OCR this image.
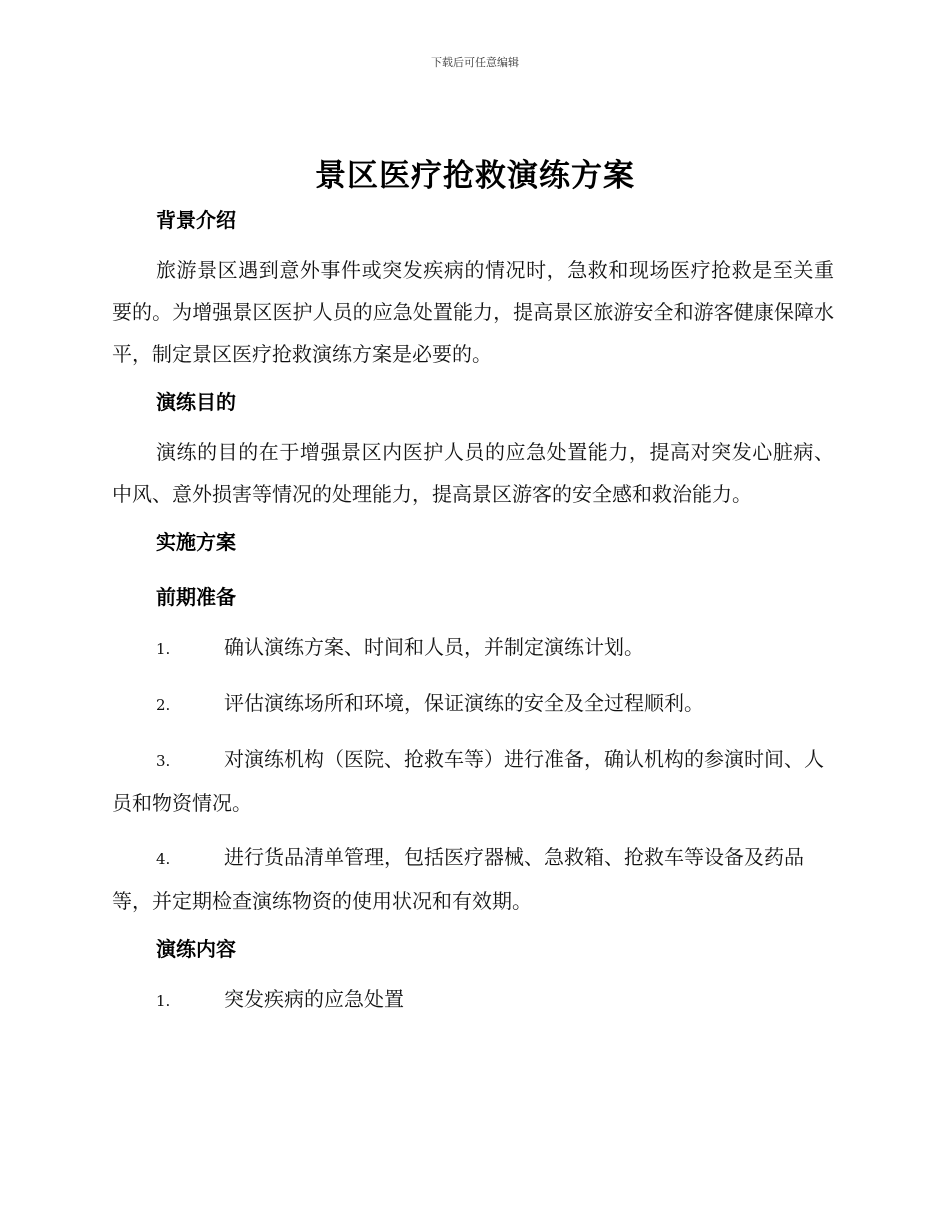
下载后可任意编辑
景区医疗抢救演练方案
背景介绍
旅游景区遇到意外事件或突发疾病的情况时，急救和现场医疗抢救是至关重要的。为增强景区医护人员的应急处置能力，提高景区旅游安全和游客健康保障水平，制定景区医疗抢救演练方案是必要的。
演练目的
演练的目的在于增强景区内医护人员的应急处置能力，提高对突发心脏病、中风、意外损害等情况的处理能力，提高景区游客的安全感和救治能力。
实施方案
前期准备
1.	确认演练方案、时间和人员，并制定演练计划。
2.	评估演练场所和环境，保证演练的安全及全过程顺利。
3.	对演练机构（医院、抢救车等）进行准备，确认机构的参演时间、人员和物资情况。
4.	进行货品清单管理，包括医疗器械、急救箱、抢救车等设备及药品等，并定期检查演练物资的使用状况和有效期。
演练内容
1.	突发疾病的应急处置
